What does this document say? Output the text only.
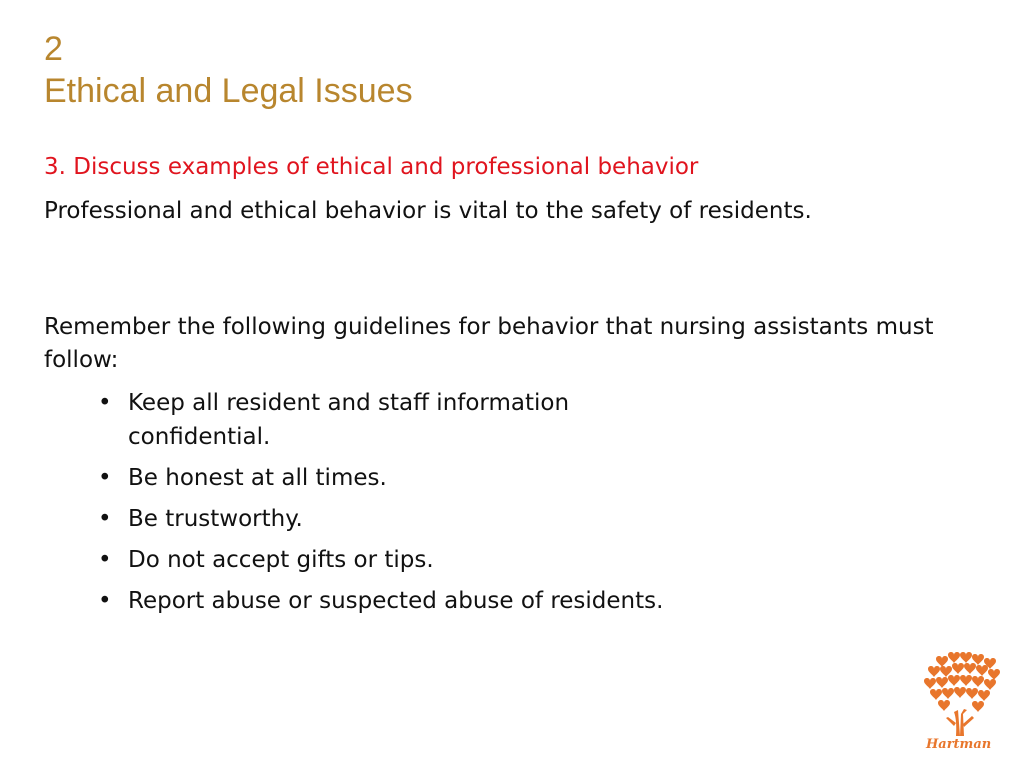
2
Ethical and Legal Issues
3. Discuss examples of ethical and professional behavior
Professional and ethical behavior is vital to the safety of residents.
Remember the following guidelines for behavior that nursing assistants must follow:
• Keep all resident and staff information confidential.
• Be honest at all times.
• Be trustworthy.
• Do not accept gifts or tips.
• Report abuse or suspected abuse of residents.
Hartman
